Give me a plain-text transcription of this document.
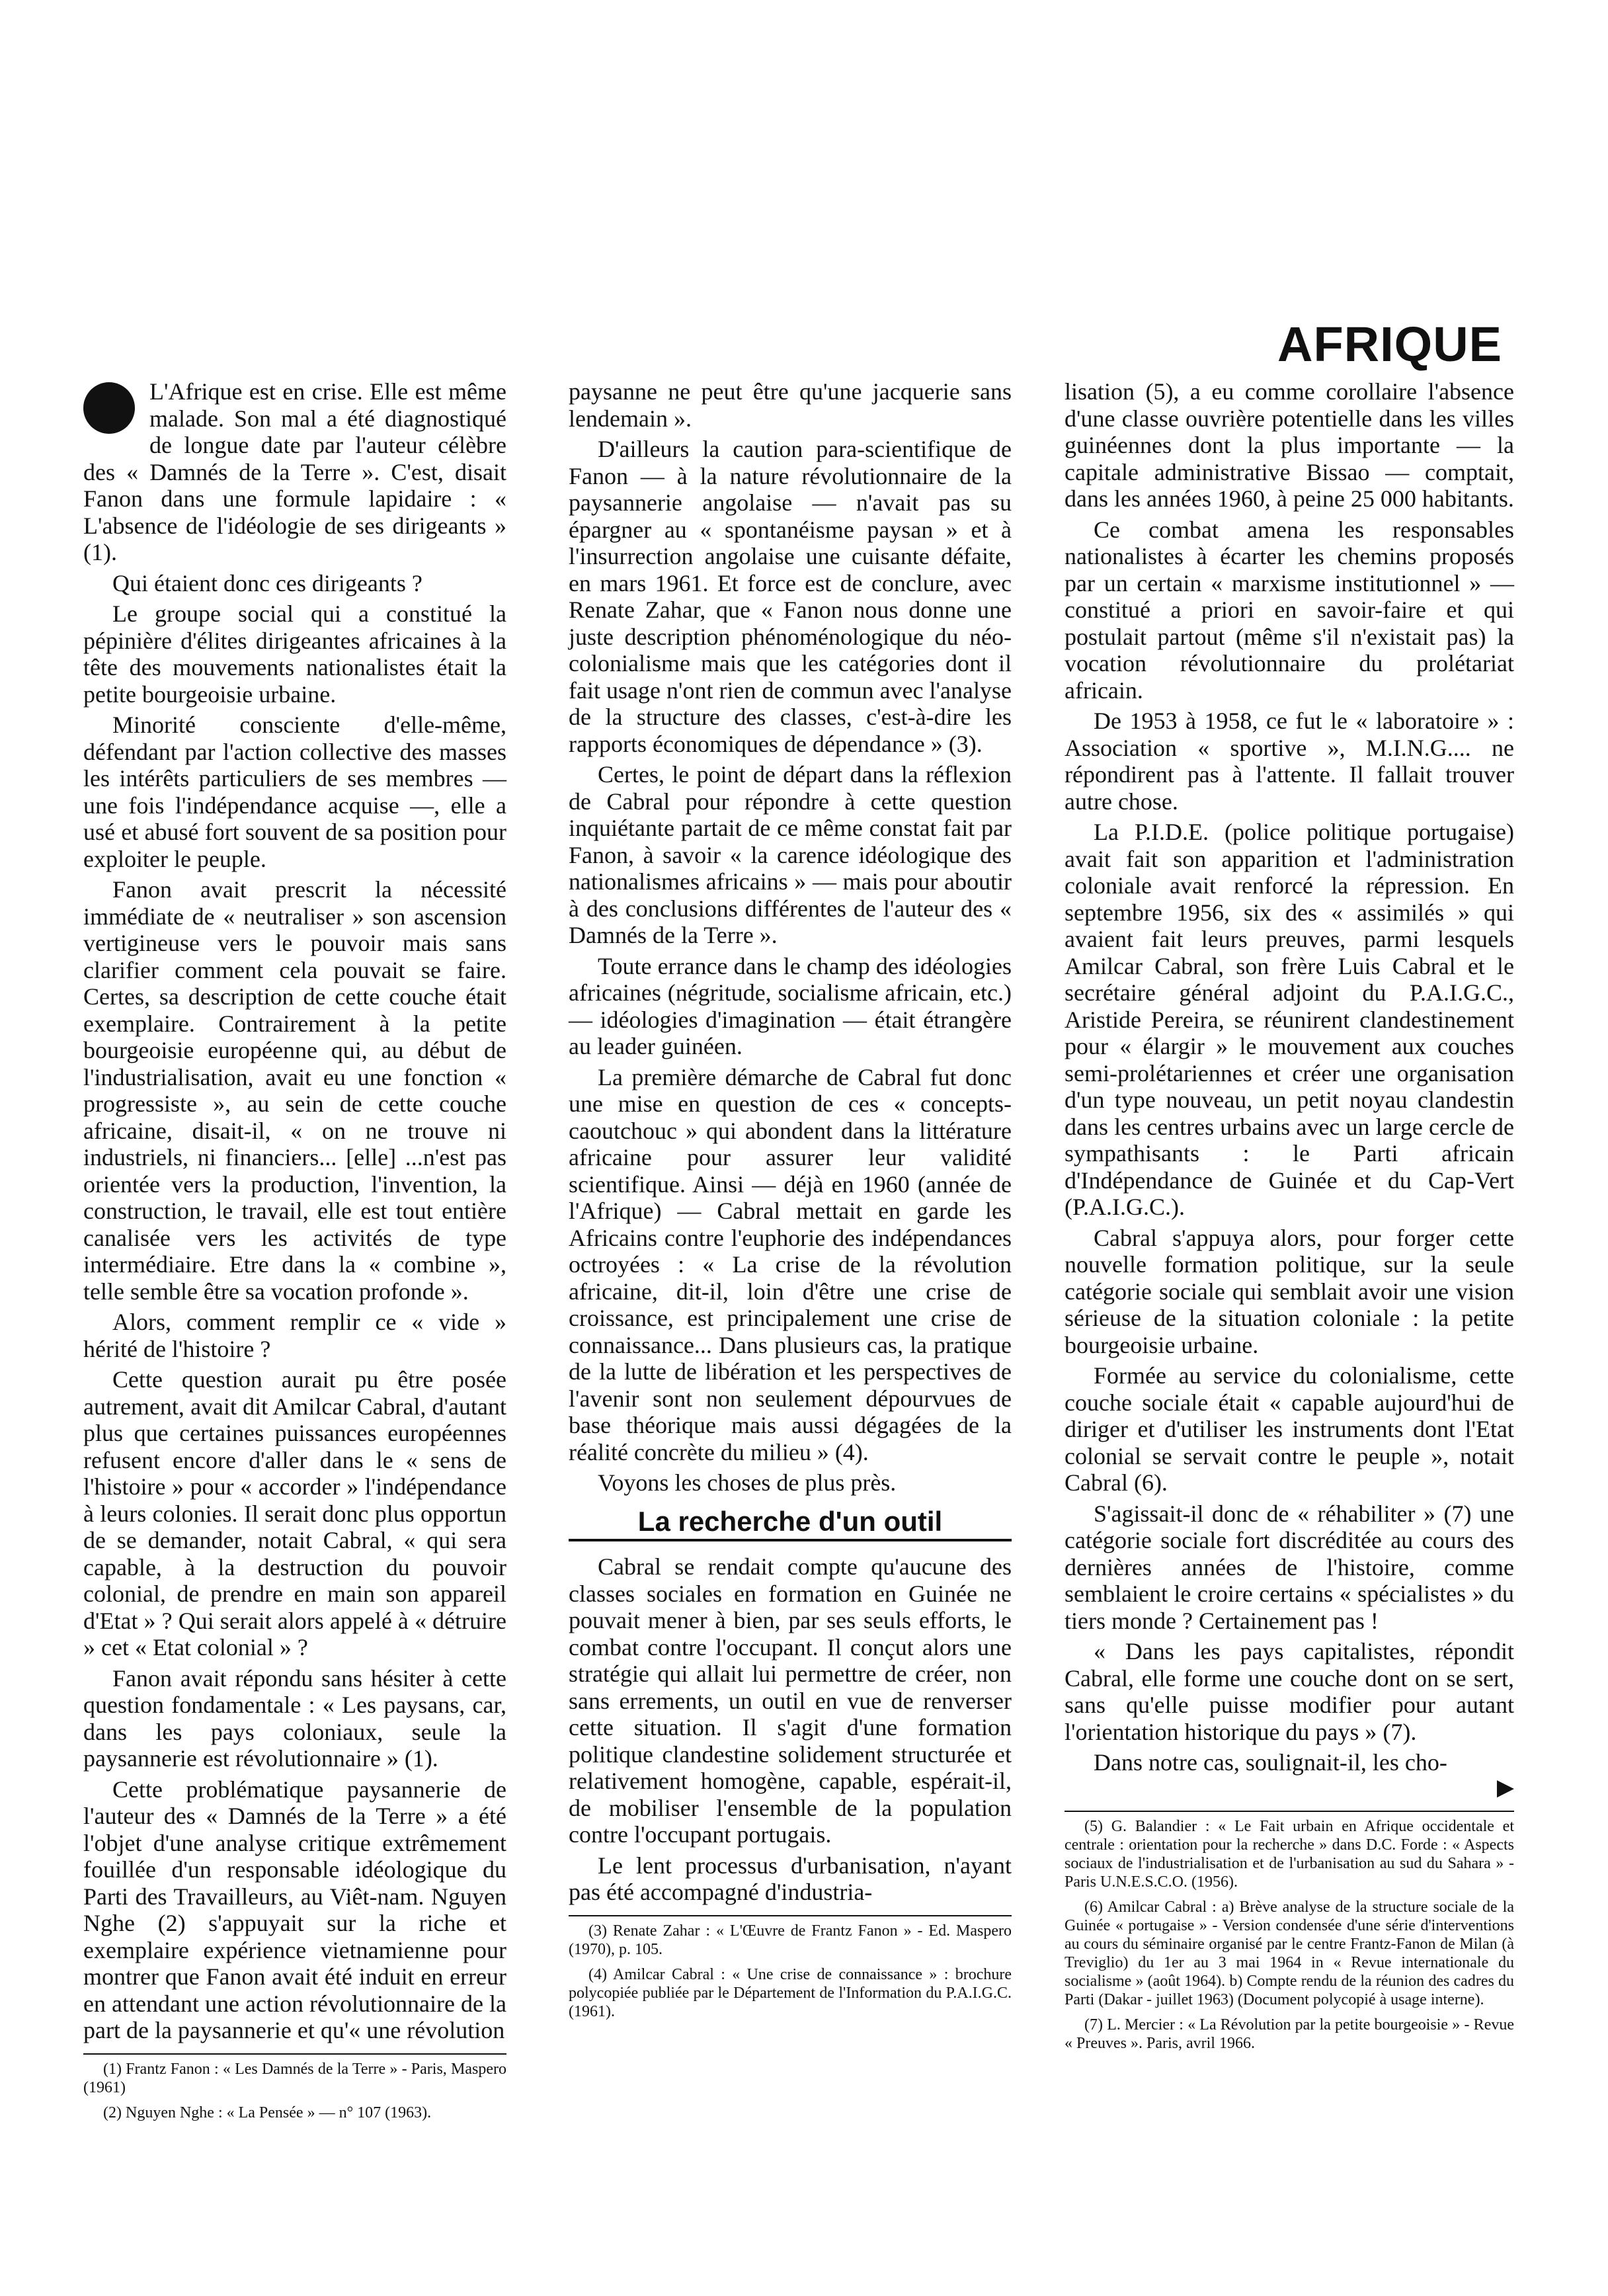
AFRIQUE

L'Afrique est en crise. Elle est même malade. Son mal a été diagnostiqué de longue date par l'auteur célèbre des « Damnés de la Terre ». C'est, disait Fanon dans une formule lapidaire : « L'absence de l'idéologie de ses dirigeants » (1).

Qui étaient donc ces dirigeants ?

Le groupe social qui a constitué la pépinière d'élites dirigeantes africaines à la tête des mouvements nationalistes était la petite bourgeoisie urbaine.

Minorité consciente d'elle-même, défendant par l'action collective des masses les intérêts particuliers de ses membres — une fois l'indépendance acquise —, elle a usé et abusé fort souvent de sa position pour exploiter le peuple.

Fanon avait prescrit la nécessité immédiate de « neutraliser » son ascension vertigineuse vers le pouvoir mais sans clarifier comment cela pouvait se faire. Certes, sa description de cette couche était exemplaire. Contrairement à la petite bourgeoisie européenne qui, au début de l'industrialisation, avait eu une fonction « progressiste », au sein de cette couche africaine, disait-il, « on ne trouve ni industriels, ni financiers... [elle] ...n'est pas orientée vers la production, l'invention, la construction, le travail, elle est tout entière canalisée vers les activités de type intermédiaire. Etre dans la « combine », telle semble être sa vocation profonde ».

Alors, comment remplir ce « vide » hérité de l'histoire ?

Cette question aurait pu être posée autrement, avait dit Amilcar Cabral, d'autant plus que certaines puissances européennes refusent encore d'aller dans le « sens de l'histoire » pour « accorder » l'indépendance à leurs colonies. Il serait donc plus opportun de se demander, notait Cabral, « qui sera capable, à la destruction du pouvoir colonial, de prendre en main son appareil d'Etat » ? Qui serait alors appelé à « détruire » cet « Etat colonial » ?

Fanon avait répondu sans hésiter à cette question fondamentale : « Les paysans, car, dans les pays coloniaux, seule la paysannerie est révolutionnaire » (1).

Cette problématique paysannerie de l'auteur des « Damnés de la Terre » a été l'objet d'une analyse critique extrêmement fouillée d'un responsable idéologique du Parti des Travailleurs, au Viêt-nam. Nguyen Nghe (2) s'appuyait sur la riche et exemplaire expérience vietnamienne pour montrer que Fanon avait été induit en erreur en attendant une action révolutionnaire de la part de la paysannerie et qu'« une révolution

(1) Frantz Fanon : « Les Damnés de la Terre » - Paris, Maspero (1961)

(2) Nguyen Nghe : « La Pensée » — n° 107 (1963).

paysanne ne peut être qu'une jacquerie sans lendemain ».

D'ailleurs la caution para-scientifique de Fanon — à la nature révolutionnaire de la paysannerie angolaise — n'avait pas su épargner au « spontanéisme paysan » et à l'insurrection angolaise une cuisante défaite, en mars 1961. Et force est de conclure, avec Renate Zahar, que « Fanon nous donne une juste description phénoménologique du néo-colonialisme mais que les catégories dont il fait usage n'ont rien de commun avec l'analyse de la structure des classes, c'est-à-dire les rapports économiques de dépendance » (3).

Certes, le point de départ dans la réflexion de Cabral pour répondre à cette question inquiétante partait de ce même constat fait par Fanon, à savoir « la carence idéologique des nationalismes africains » — mais pour aboutir à des conclusions différentes de l'auteur des « Damnés de la Terre ».

Toute errance dans le champ des idéologies africaines (négritude, socialisme africain, etc.) — idéologies d'imagination — était étrangère au leader guinéen.

La première démarche de Cabral fut donc une mise en question de ces « concepts-caoutchouc » qui abondent dans la littérature africaine pour assurer leur validité scientifique. Ainsi — déjà en 1960 (année de l'Afrique) — Cabral mettait en garde les Africains contre l'euphorie des indépendances octroyées : « La crise de la révolution africaine, dit-il, loin d'être une crise de croissance, est principalement une crise de connaissance... Dans plusieurs cas, la pratique de la lutte de libération et les perspectives de l'avenir sont non seulement dépourvues de base théorique mais aussi dégagées de la réalité concrète du milieu » (4).

Voyons les choses de plus près.

La recherche d'un outil

Cabral se rendait compte qu'aucune des classes sociales en formation en Guinée ne pouvait mener à bien, par ses seuls efforts, le combat contre l'occupant. Il conçut alors une stratégie qui allait lui permettre de créer, non sans errements, un outil en vue de renverser cette situation. Il s'agit d'une formation politique clandestine solidement structurée et relativement homogène, capable, espérait-il, de mobiliser l'ensemble de la population contre l'occupant portugais.

Le lent processus d'urbanisation, n'ayant pas été accompagné d'industria-

(3) Renate Zahar : « L'Œuvre de Frantz Fanon » - Ed. Maspero (1970), p. 105.

(4) Amilcar Cabral : « Une crise de connaissance » : brochure polycopiée publiée par le Département de l'Information du P.A.I.G.C. (1961).

lisation (5), a eu comme corollaire l'absence d'une classe ouvrière potentielle dans les villes guinéennes dont la plus importante — la capitale administrative Bissao — comptait, dans les années 1960, à peine 25 000 habitants.

Ce combat amena les responsables nationalistes à écarter les chemins proposés par un certain « marxisme institutionnel » — constitué a priori en savoir-faire et qui postulait partout (même s'il n'existait pas) la vocation révolutionnaire du prolétariat africain.

De 1953 à 1958, ce fut le « laboratoire » : Association « sportive », M.I.N.G.... ne répondirent pas à l'attente. Il fallait trouver autre chose.

La P.I.D.E. (police politique portugaise) avait fait son apparition et l'administration coloniale avait renforcé la répression. En septembre 1956, six des « assimilés » qui avaient fait leurs preuves, parmi lesquels Amilcar Cabral, son frère Luis Cabral et le secrétaire général adjoint du P.A.I.G.C., Aristide Pereira, se réunirent clandestinement pour « élargir » le mouvement aux couches semi-prolétariennes et créer une organisation d'un type nouveau, un petit noyau clandestin dans les centres urbains avec un large cercle de sympathisants : le Parti africain d'Indépendance de Guinée et du Cap-Vert (P.A.I.G.C.).

Cabral s'appuya alors, pour forger cette nouvelle formation politique, sur la seule catégorie sociale qui semblait avoir une vision sérieuse de la situation coloniale : la petite bourgeoisie urbaine.

Formée au service du colonialisme, cette couche sociale était « capable aujourd'hui de diriger et d'utiliser les instruments dont l'Etat colonial se servait contre le peuple », notait Cabral (6).

S'agissait-il donc de « réhabiliter » (7) une catégorie sociale fort discréditée au cours des dernières années de l'histoire, comme semblaient le croire certains « spécialistes » du tiers monde ? Certainement pas !

« Dans les pays capitalistes, répondit Cabral, elle forme une couche dont on se sert, sans qu'elle puisse modifier pour autant l'orientation historique du pays » (7).

Dans notre cas, soulignait-il, les cho-

▶

(5) G. Balandier : « Le Fait urbain en Afrique occidentale et centrale : orientation pour la recherche » dans D.C. Forde : « Aspects sociaux de l'industrialisation et de l'urbanisation au sud du Sahara » - Paris U.N.E.S.C.O. (1956).

(6) Amilcar Cabral : a) Brève analyse de la structure sociale de la Guinée « portugaise » - Version condensée d'une série d'interventions au cours du séminaire organisé par le centre Frantz-Fanon de Milan (à Treviglio) du 1er au 3 mai 1964 in « Revue internationale du socialisme » (août 1964). b) Compte rendu de la réunion des cadres du Parti (Dakar - juillet 1963) (Document polycopié à usage interne).

(7) L. Mercier : « La Révolution par la petite bourgeoisie » - Revue « Preuves ». Paris, avril 1966.
